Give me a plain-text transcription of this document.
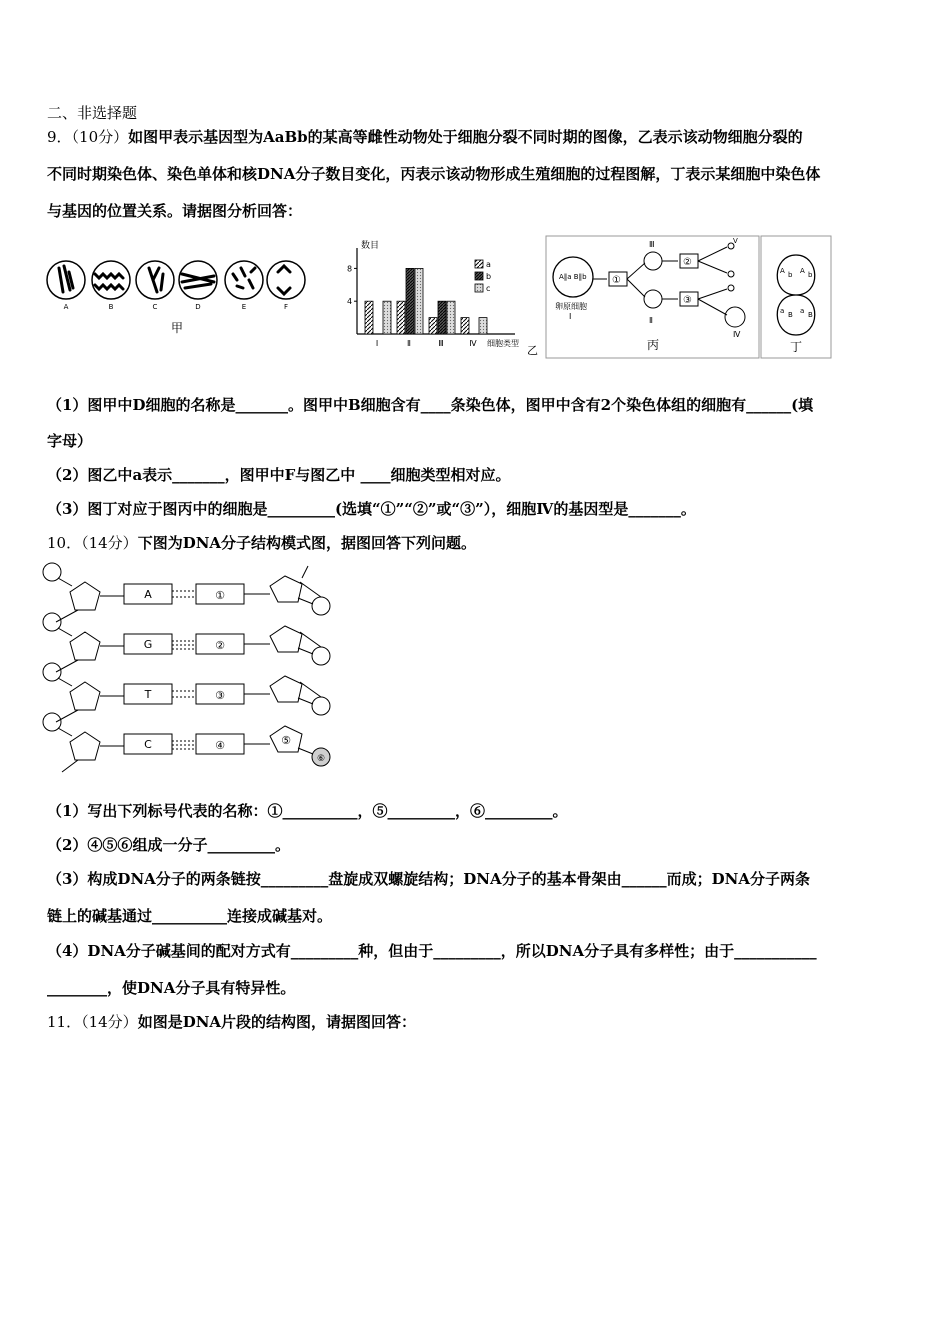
二、非选择题
9．（10分）如图甲表示基因型为AaBb的某高等雌性动物处于细胞分裂不同时期的图像，乙表示该动物细胞分裂的
不同时期染色体、染色单体和核DNA分子数目变化，丙表示该动物形成生殖细胞的过程图解，丁表示某细胞中染色体
与基因的位置关系。请据图分析回答：
A	B	C	D	E	F
甲
数目
细胞类型
乙
Ⅰ	Ⅱ	Ⅲ	Ⅳ
4
8	a
b
c
A‖a B‖b
卵原细胞
Ⅰ
①
Ⅲ
Ⅱ
②
③
Ⅴ
Ⅳ
丙
A b A b
a B a B
丁
（1）图甲中D细胞的名称是_______。图甲中B细胞含有____条染色体，图甲中含有2个染色体组的细胞有______(填
字母）
（2）图乙中a表示_______，图甲中F与图乙中 ____细胞类型相对应。
（3）图丁对应于图丙中的细胞是_________(选填“①”“②”或“③”），细胞Ⅳ的基因型是_______。
10．（14分）下图为DNA分子结构模式图，据图回答下列问题。
A
G
T
C
①
②
③
④	⑤
⑥
（1）写出下列标号代表的名称：①__________，⑤_________，⑥_________。
（2）④⑤⑥组成一分子_________。
（3）构成DNA分子的两条链按_________盘旋成双螺旋结构；DNA分子的基本骨架由______而成；DNA分子两条
链上的碱基通过__________连接成碱基对。
（4）DNA分子碱基间的配对方式有_________种，但由于_________，所以DNA分子具有多样性；由于___________
________，使DNA分子具有特异性。
11．（14分）如图是DNA片段的结构图，请据图回答：
